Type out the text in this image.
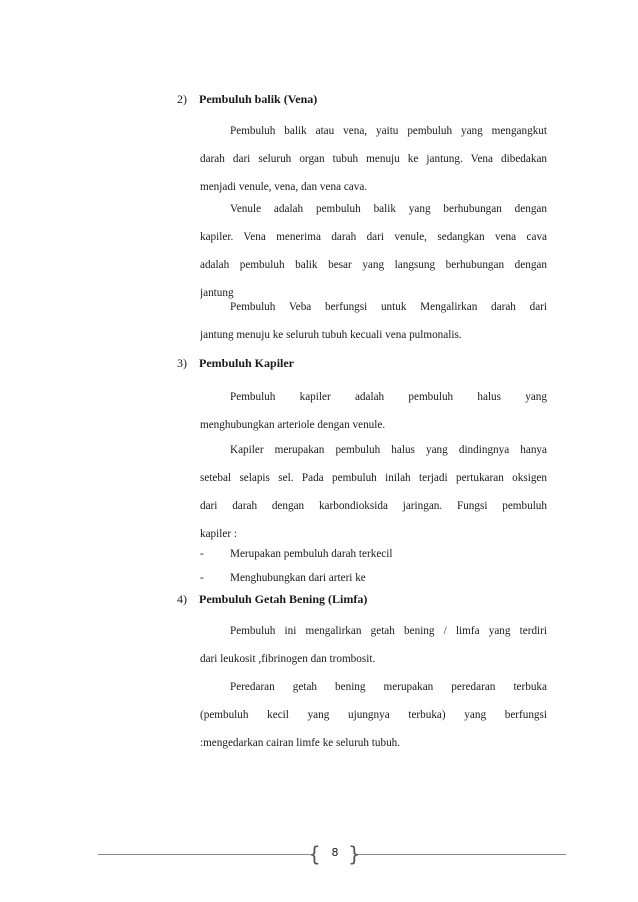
2) Pembuluh balik (Vena)
Pembuluh balik atau vena, yaitu pembuluh yang mengangkut
darah dari seluruh organ tubuh menuju ke jantung. Vena dibedakan
menjadi venule, vena, dan vena cava.
Venule adalah pembuluh balik yang berhubungan dengan
kapiler. Vena menerima darah dari venule, sedangkan vena cava
adalah pembuluh balik besar yang langsung berhubungan dengan
jantung
Pembuluh Veba berfungsi untuk Mengalirkan darah dari
jantung menuju ke seluruh tubuh kecuali vena pulmonalis.
3) Pembuluh Kapiler
Pembuluh kapiler adalah pembuluh halus yang
menghubungkan arteriole dengan venule.
Kapiler merupakan pembuluh halus yang dindingnya hanya
setebal selapis sel. Pada pembuluh inilah terjadi pertukaran oksigen
dari darah dengan karbondioksida jaringan. Fungsi pembuluh
kapiler :
- Merupakan pembuluh darah terkecil
- Menghubungkan dari arteri ke
4) Pembuluh Getah Bening (Limfa)
Pembuluh ini mengalirkan getah bening / limfa yang terdiri
dari leukosit ,fibrinogen dan trombosit.
Peredaran getah bening merupakan peredaran terbuka
(pembuluh kecil yang ujungnya terbuka) yang berfungsi
:mengedarkan cairan limfe ke seluruh tubuh.
{ }
8
